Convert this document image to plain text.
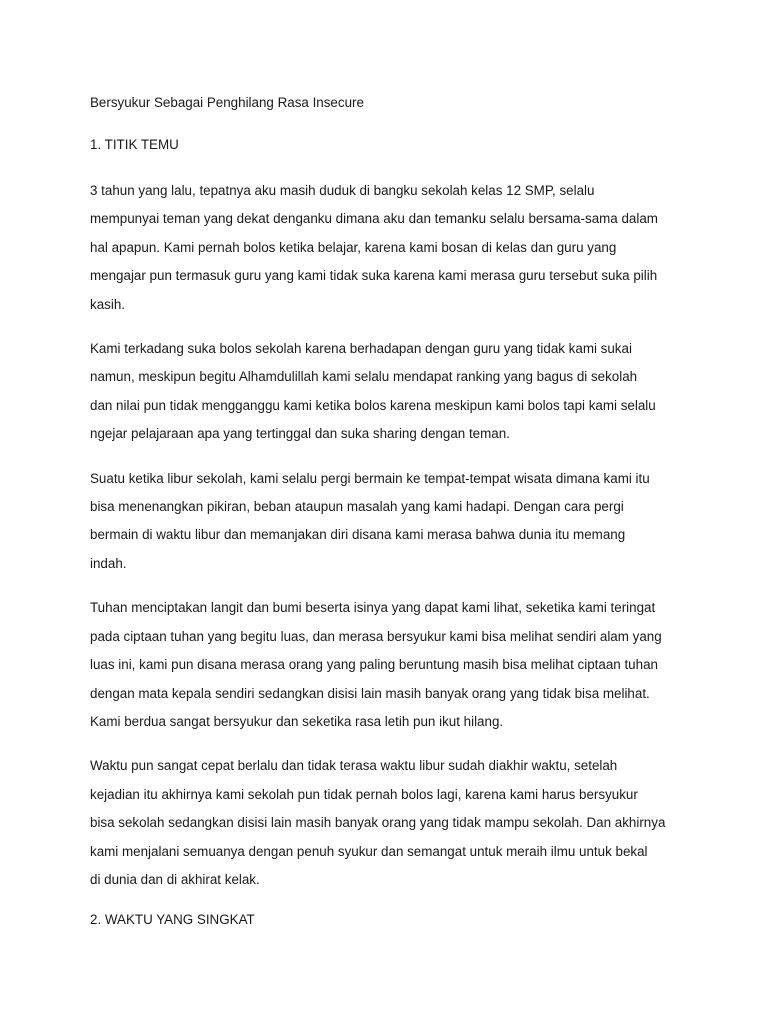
Bersyukur Sebagai Penghilang Rasa Insecure
1. TITIK TEMU

3 tahun yang lalu, tepatnya aku masih duduk di bangku sekolah kelas 12 SMP, selalu
mempunyai teman yang dekat denganku dimana aku dan temanku selalu bersama-sama dalam
hal apapun. Kami pernah bolos ketika belajar, karena kami bosan di kelas dan guru yang
mengajar pun termasuk guru yang kami tidak suka karena kami merasa guru tersebut suka pilih
kasih.

Kami terkadang suka bolos sekolah karena berhadapan dengan guru yang tidak kami sukai
namun, meskipun begitu Alhamdulillah kami selalu mendapat ranking yang bagus di sekolah
dan nilai pun tidak mengganggu kami ketika bolos karena meskipun kami bolos tapi kami selalu
ngejar pelajaraan apa yang tertinggal dan suka sharing dengan teman.

Suatu ketika libur sekolah, kami selalu pergi bermain ke tempat-tempat wisata dimana kami itu
bisa menenangkan pikiran, beban ataupun masalah yang kami hadapi. Dengan cara pergi
bermain di waktu libur dan memanjakan diri disana kami merasa bahwa dunia itu memang
indah.

Tuhan menciptakan langit dan bumi beserta isinya yang dapat kami lihat, seketika kami teringat
pada ciptaan tuhan yang begitu luas, dan merasa bersyukur kami bisa melihat sendiri alam yang
luas ini, kami pun disana merasa orang yang paling beruntung masih bisa melihat ciptaan tuhan
dengan mata kepala sendiri sedangkan disisi lain masih banyak orang yang tidak bisa melihat.
Kami berdua sangat bersyukur dan seketika rasa letih pun ikut hilang.

Waktu pun sangat cepat berlalu dan tidak terasa waktu libur sudah diakhir waktu, setelah
kejadian itu akhirnya kami sekolah pun tidak pernah bolos lagi, karena kami harus bersyukur
bisa sekolah sedangkan disisi lain masih banyak orang yang tidak mampu sekolah. Dan akhirnya
kami menjalani semuanya dengan penuh syukur dan semangat untuk meraih ilmu untuk bekal
di dunia dan di akhirat kelak.

2. WAKTU YANG SINGKAT
